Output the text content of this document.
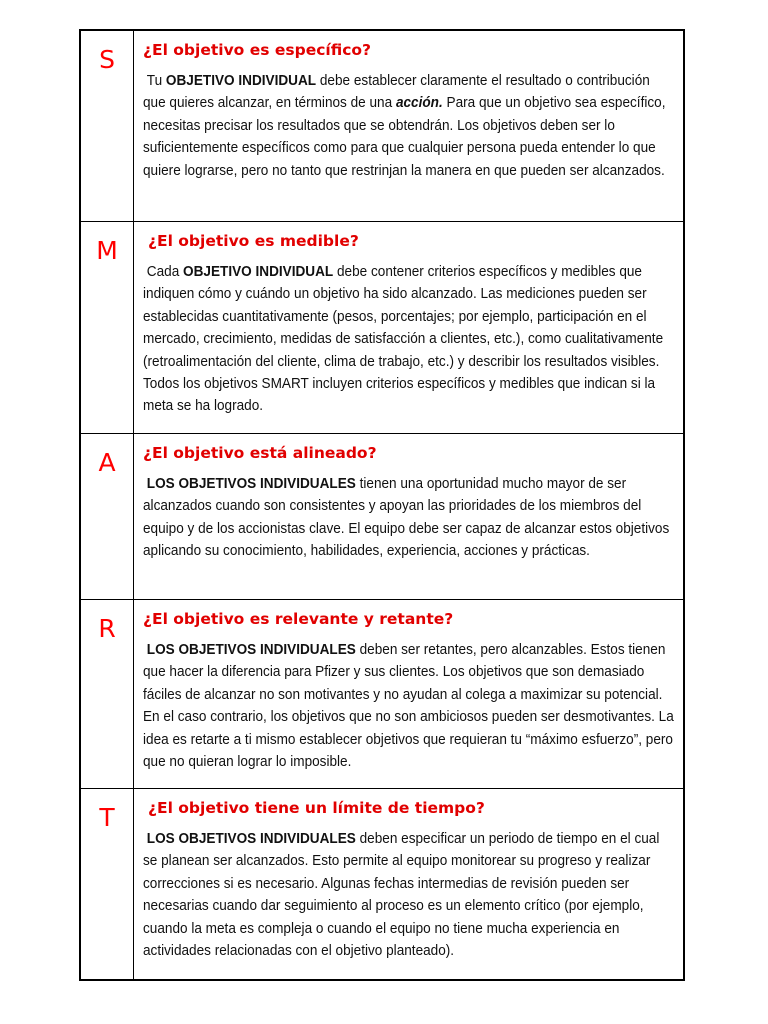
S ¿El objetivo es específico?
Tu OBJETIVO INDIVIDUAL debe establecer claramente el resultado o contribución que quieres alcanzar, en términos de una acción. Para que un objetivo sea específico, necesitas precisar los resultados que se obtendrán. Los objetivos deben ser lo suficientemente específicos como para que cualquier persona pueda entender lo que quiere lograrse, pero no tanto que restrinjan la manera en que pueden ser alcanzados.
M	¿El objetivo es medible?
Cada OBJETIVO INDIVIDUAL debe contener criterios específicos y medibles que indiquen cómo y cuándo un objetivo ha sido alcanzado. Las mediciones pueden ser establecidas cuantitativamente (pesos, porcentajes; por ejemplo, participación en el mercado, crecimiento, medidas de satisfacción a clientes, etc.), como cualitativamente (retroalimentación del cliente, clima de trabajo, etc.) y describir los resultados visibles. Todos los objetivos SMART incluyen criterios específicos y medibles que indican si la meta se ha logrado.
A ¿El objetivo está alineado?
LOS OBJETIVOS INDIVIDUALES tienen una oportunidad mucho mayor de ser alcanzados cuando son consistentes y apoyan las prioridades de los miembros del equipo y de los accionistas clave. El equipo debe ser capaz de alcanzar estos objetivos aplicando su conocimiento, habilidades, experiencia, acciones y prácticas.
R ¿El objetivo es relevante y retante?
LOS OBJETIVOS INDIVIDUALES deben ser retantes, pero alcanzables. Estos tienen que hacer la diferencia para Pfizer y sus clientes. Los objetivos que son demasiado fáciles de alcanzar no son motivantes y no ayudan al colega a maximizar su potencial. En el caso contrario, los objetivos que no son ambiciosos pueden ser desmotivantes. La idea es retarte a ti mismo establecer objetivos que requieran tu “máximo esfuerzo”, pero que no quieran lograr lo imposible.
T	¿El objetivo tiene un límite de tiempo?
LOS OBJETIVOS INDIVIDUALES deben especificar un periodo de tiempo en el cual se planean ser alcanzados. Esto permite al equipo monitorear su progreso y realizar correcciones si es necesario. Algunas fechas intermedias de revisión pueden ser necesarias cuando dar seguimiento al proceso es un elemento crítico (por ejemplo, cuando la meta es compleja o cuando el equipo no tiene mucha experiencia en actividades relacionadas con el objetivo planteado).
